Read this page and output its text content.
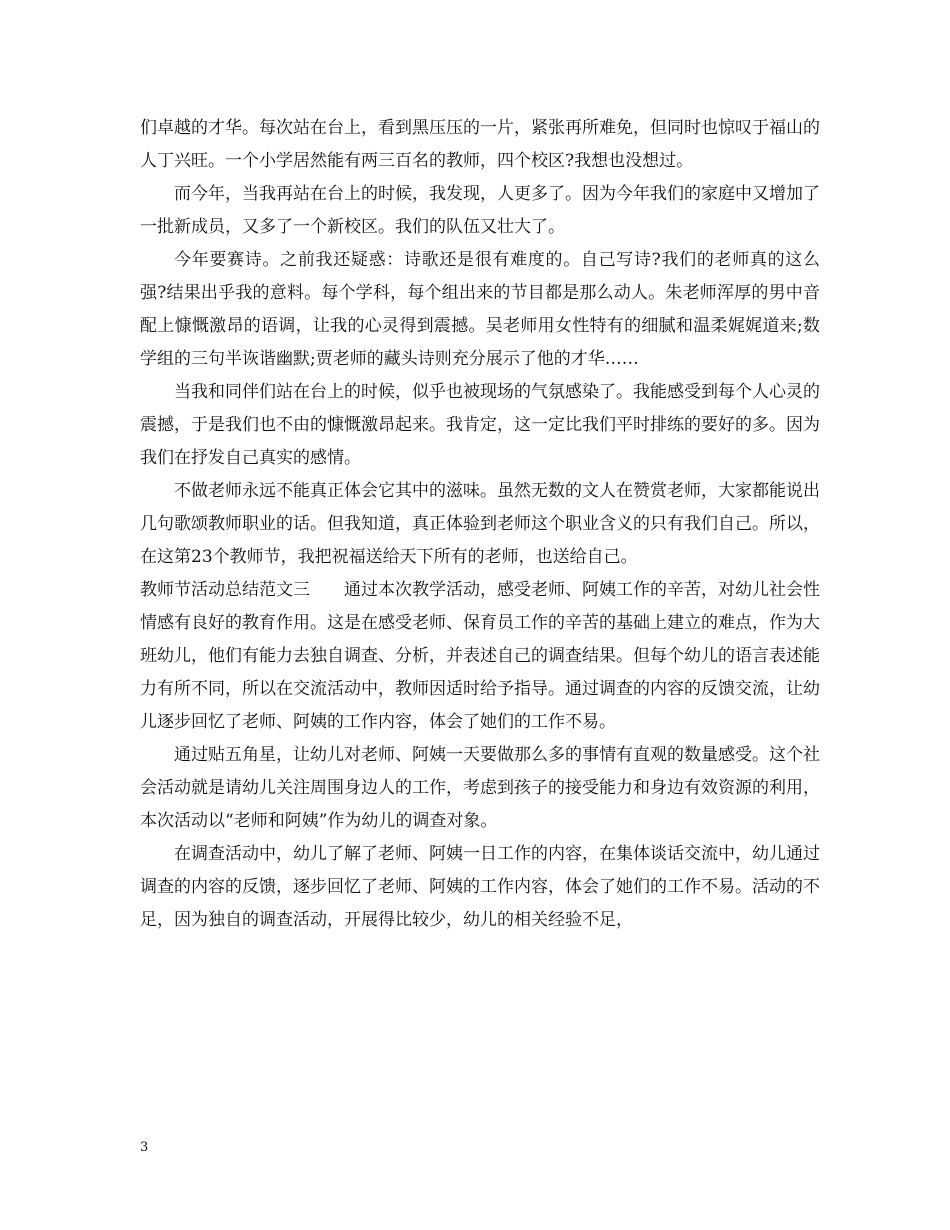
们卓越的才华。每次站在台上，看到黑压压的一片，紧张再所难免，但同时也惊叹于福山的人丁兴旺。一个小学居然能有两三百名的教师，四个校区?我想也没想过。

而今年，当我再站在台上的时候，我发现，人更多了。因为今年我们的家庭中又增加了一批新成员，又多了一个新校区。我们的队伍又壮大了。

今年要赛诗。之前我还疑惑：诗歌还是很有难度的。自己写诗?我们的老师真的这么强?结果出乎我的意料。每个学科，每个组出来的节目都是那么动人。朱老师浑厚的男中音配上慷慨激昂的语调，让我的心灵得到震撼。吴老师用女性特有的细腻和温柔娓娓道来;数学组的三句半诙谐幽默;贾老师的藏头诗则充分展示了他的才华……

当我和同伴们站在台上的时候，似乎也被现场的气氛感染了。我能感受到每个人心灵的震撼，于是我们也不由的慷慨激昂起来。我肯定，这一定比我们平时排练的要好的多。因为我们在抒发自己真实的感情。

不做老师永远不能真正体会它其中的滋味。虽然无数的文人在赞赏老师，大家都能说出几句歌颂教师职业的话。但我知道，真正体验到老师这个职业含义的只有我们自己。所以，在这第23个教师节，我把祝福送给天下所有的老师，也送给自己。

教师节活动总结范文三 通过本次教学活动，感受老师、阿姨工作的辛苦，对幼儿社会性情感有良好的教育作用。这是在感受老师、保育员工作的辛苦的基础上建立的难点，作为大班幼儿，他们有能力去独自调查、分析，并表述自己的调查结果。但每个幼儿的语言表述能力有所不同，所以在交流活动中，教师因适时给予指导。通过调查的内容的反馈交流，让幼儿逐步回忆了老师、阿姨的工作内容，体会了她们的工作不易。

通过贴五角星，让幼儿对老师、阿姨一天要做那么多的事情有直观的数量感受。这个社会活动就是请幼儿关注周围身边人的工作，考虑到孩子的接受能力和身边有效资源的利用，本次活动以“老师和阿姨”作为幼儿的调查对象。

在调查活动中，幼儿了解了老师、阿姨一日工作的内容，在集体谈话交流中，幼儿通过调查的内容的反馈，逐步回忆了老师、阿姨的工作内容，体会了她们的工作不易。活动的不足，因为独自的调查活动，开展得比较少，幼儿的相关经验不足，

3
